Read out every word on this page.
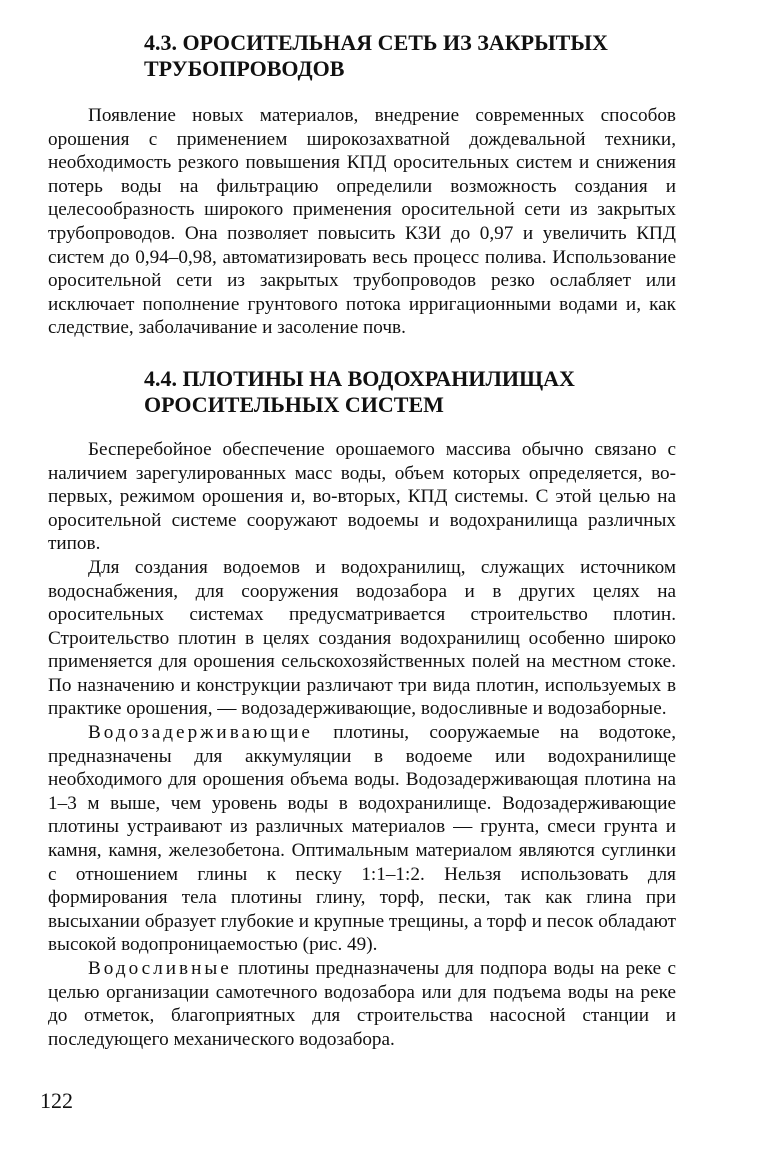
4.3. ОРОСИТЕЛЬНАЯ СЕТЬ ИЗ ЗАКРЫТЫХ ТРУБОПРОВОДОВ

Появление новых материалов, внедрение современных способов орошения с применением широкозахватной дождевальной техники, необходимость резкого повышения КПД оросительных систем и снижения потерь воды на фильтрацию определили возможность создания и целесообразность широкого применения оросительной сети из закрытых трубопроводов. Она позволяет повысить КЗИ до 0,97 и увеличить КПД систем до 0,94–0,98, автоматизировать весь процесс полива. Использование оросительной сети из закрытых трубопроводов резко ослабляет или исключает пополнение грунтового потока ирригационными водами и, как следствие, заболачивание и засоление почв.

4.4. ПЛОТИНЫ НА ВОДОХРАНИЛИЩАХ ОРОСИТЕЛЬНЫХ СИСТЕМ

Бесперебойное обеспечение орошаемого массива обычно связано с наличием зарегулированных масс воды, объем которых определяется, во-первых, режимом орошения и, во-вторых, КПД системы. С этой целью на оросительной системе сооружают водоемы и водохранилища различных типов.

Для создания водоемов и водохранилищ, служащих источником водоснабжения, для сооружения водозабора и в других целях на оросительных системах предусматривается строительство плотин. Строительство плотин в целях создания водохранилищ особенно широко применяется для орошения сельскохозяйственных полей на местном стоке. По назначению и конструкции различают три вида плотин, используемых в практике орошения, — водозадерживающие, водосливные и водозаборные.

Водозадерживающие плотины, сооружаемые на водотоке, предназначены для аккумуляции в водоеме или водохранилище необходимого для орошения объема воды. Водозадерживающая плотина на 1–3 м выше, чем уровень воды в водохранилище. Водозадерживающие плотины устраивают из различных материалов — грунта, смеси грунта и камня, камня, железобетона. Оптимальным материалом являются суглинки с отношением глины к песку 1:1–1:2. Нельзя использовать для формирования тела плотины глину, торф, пески, так как глина при высыхании образует глубокие и крупные трещины, а торф и песок обладают высокой водопроницаемостью (рис. 49).

Водосливные плотины предназначены для подпора воды на реке с целью организации самотечного водозабора или для подъема воды на реке до отметок, благоприятных для строительства насосной станции и последующего механического водозабора.

122
